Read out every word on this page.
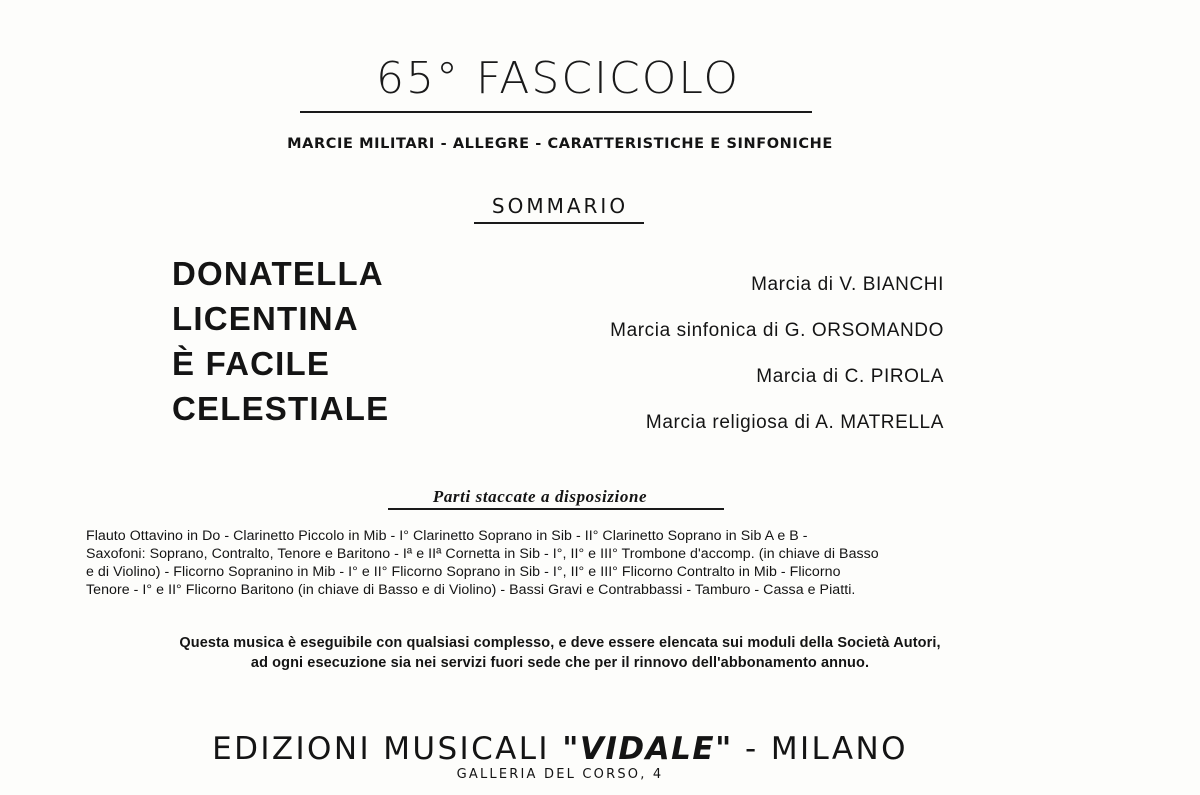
65° FASCICOLO
MARCIE MILITARI - ALLEGRE - CARATTERISTICHE E SINFONICHE
SOMMARIO
DONATELLA
LICENTINA
È FACILE
CELESTIALE
Marcia di V. BIANCHI
Marcia sinfonica di G. ORSOMANDO
Marcia di C. PIROLA
Marcia religiosa di A. MATRELLA
Parti staccate a disposizione

Flauto Ottavino in Do - Clarinetto Piccolo in Mib - I° Clarinetto Soprano in Sib - II° Clarinetto Soprano in Sib A e B -
Saxofoni: Soprano, Contralto, Tenore e Baritono - Iª e IIª Cornetta in Sib - I°, II° e III° Trombone d'accomp. (in chiave di Basso
e di Violino) - Flicorno Sopranino in Mib - I° e II° Flicorno Soprano in Sib - I°, II° e III° Flicorno Contralto in Mib - Flicorno
Tenore - I° e II° Flicorno Baritono (in chiave di Basso e di Violino) - Bassi Gravi e Contrabbassi - Tamburo - Cassa e Piatti.

Questa musica è eseguibile con qualsiasi complesso, e deve essere elencata sui moduli della Società Autori,
ad ogni esecuzione sia nei servizi fuori sede che per il rinnovo dell'abbonamento annuo.
EDIZIONI MUSICALI "VIDALE" - MILANO
GALLERIA DEL CORSO, 4
